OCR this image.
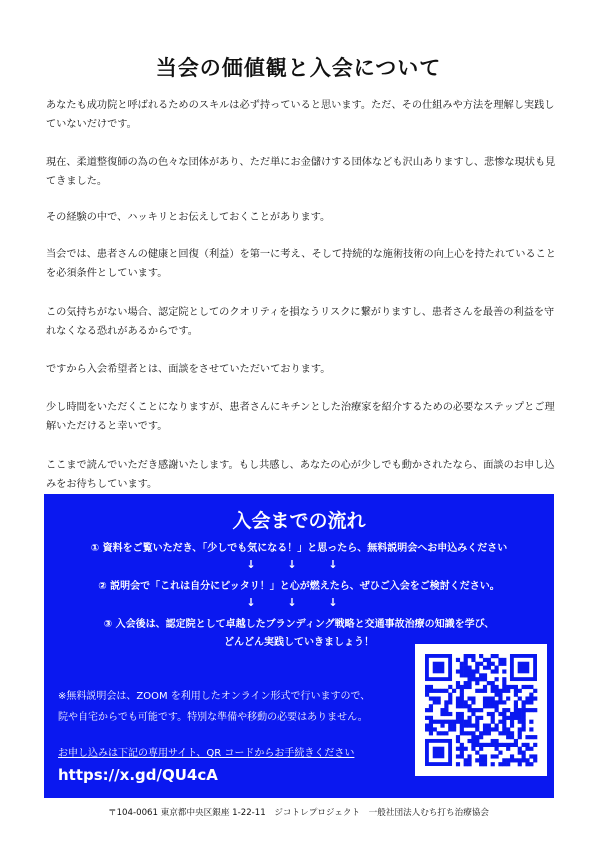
当会の価値観と入会について

あなたも成功院と呼ばれるためのスキルは必ず持っていると思います。ただ、その仕組みや方法を理解し実践していないだけです。

現在、柔道整復師の為の色々な団体があり、ただ単にお金儲けする団体なども沢山ありますし、悲惨な現状も見てきました。

その経験の中で、ハッキリとお伝えしておくことがあります。

当会では、患者さんの健康と回復（利益）を第一に考え、そして持続的な施術技術の向上心を持たれていることを必須条件としています。

この気持ちがない場合、認定院としてのクオリティを損なうリスクに繋がりますし、患者さんを最善の利益を守れなくなる恐れがあるからです。

ですから入会希望者とは、面談をさせていただいております。

少し時間をいただくことになりますが、患者さんにキチンとした治療家を紹介するための必要なステップとご理解いただけると幸いです。

ここまで読んでいただき感謝いたします。もし共感し、あなたの心が少しでも動かされたなら、面談のお申し込みをお待ちしています。

入会までの流れ
① 資料をご覧いただき、「少しでも気になる！」と思ったら、無料説明会へお申込みください
↓ ↓ ↓
② 説明会で「これは自分にピッタリ！」と心が燃えたら、ぜひご入会をご検討ください。
↓ ↓ ↓
③ 入会後は、認定院として卓越したブランディング戦略と交通事故治療の知識を学び、
どんどん実践していきましょう！
※無料説明会は、ZOOM を利用したオンライン形式で行いますので、
院や自宅からでも可能です。特別な準備や移動の必要はありません。
お申し込みは下記の専用サイト、QR コードからお手続きください
https://x.gd/QU4cA
〒104-0061 東京都中央区銀座 1-22-11　ジコトレプロジェクト　一般社団法人むち打ち治療協会
